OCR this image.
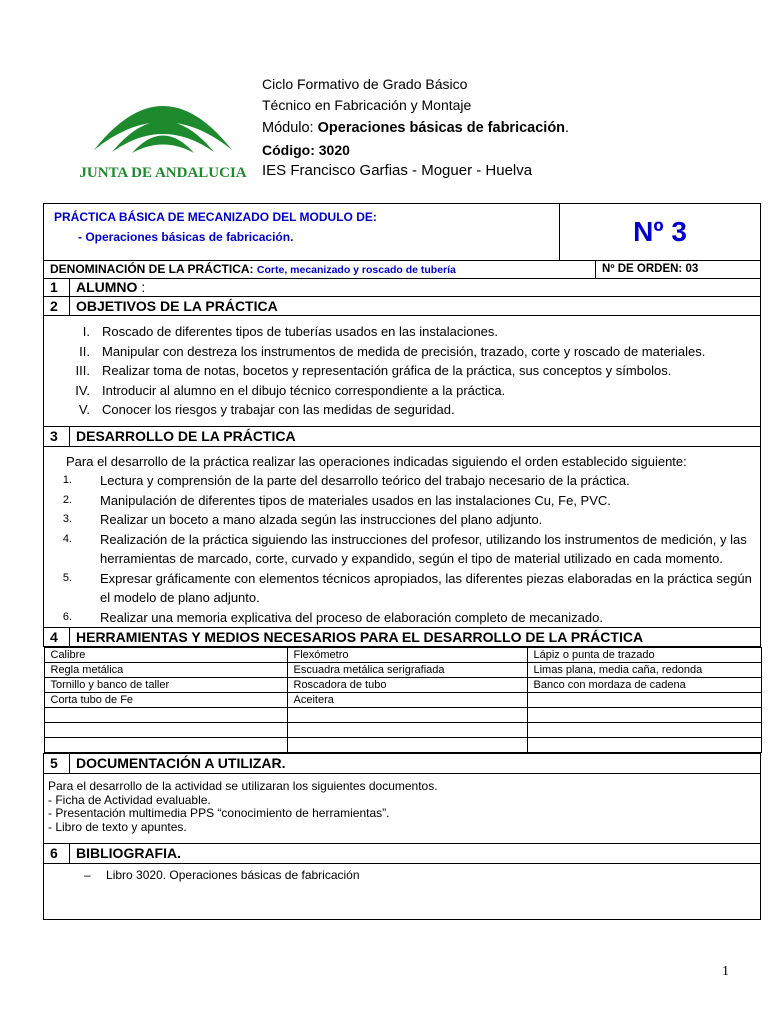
JUNTA DE ANDALUCIA
Ciclo Formativo de Grado Básico
Técnico en Fabricación y Montaje
Módulo: Operaciones básicas de fabricación.
Código: 3020
IES Francisco Garfias - Moguer - Huelva
PRÁCTICA BÁSICA DE MECANIZADO DEL MODULO DE:
- Operaciones básicas de fabricación.	Nº 3
DENOMINACIÓN DE LA PRÁCTICA: Corte, mecanizado y roscado de tubería	Nº DE ORDEN: 03
1	ALUMNO :
2	OBJETIVOS DE LA PRÁCTICA

I. Roscado de diferentes tipos de tuberías usados en las instalaciones.
II. Manipular con destreza los instrumentos de medida de precisión, trazado, corte y roscado de materiales.
III. Realizar toma de notas, bocetos y representación gráfica de la práctica, sus conceptos y símbolos.
IV. Introducir al alumno en el dibujo técnico correspondiente a la práctica.
V. Conocer los riesgos y trabajar con las medidas de seguridad.

3	DESARROLLO DE LA PRÁCTICA

Para el desarrollo de la práctica realizar las operaciones indicadas siguiendo el orden establecido siguiente:
1. Lectura y comprensión de la parte del desarrollo teórico del trabajo necesario de la práctica.
2. Manipulación de diferentes tipos de materiales usados en las instalaciones Cu, Fe, PVC.
3. Realizar un boceto a mano alzada según las instrucciones del plano adjunto.
4. Realización de la práctica siguiendo las instrucciones del profesor, utilizando los instrumentos de medición, y las herramientas de marcado, corte, curvado y expandido, según el tipo de material utilizado en cada momento.
5. Expresar gráficamente con elementos técnicos apropiados, las diferentes piezas elaboradas en la práctica según el modelo de plano adjunto.
6. Realizar una memoria explicativa del proceso de elaboración completo de mecanizado.

4	HERRAMIENTAS Y MEDIOS NECESARIOS PARA EL DESARROLLO DE LA PRÁCTICA

Calibre	Flexómetro	Lápiz o punta de trazado
Regla metálica	Escuadra metálica serigrafiada	Limas plana, media caña, redonda
Tornillo y banco de taller	Roscadora de tubo	Banco con mordaza de cadena
Corta tubo de Fe	Aceitera	

5	DOCUMENTACIÓN A UTILIZAR.

Para el desarrollo de la actividad se utilizaran los siguientes documentos.
- Ficha de Actividad evaluable.
- Presentación multimedia PPS “conocimiento de herramientas”.
- Libro de texto y apuntes.

6	BIBLIOGRAFIA.
– Libro 3020. Operaciones básicas de fabricación
1
